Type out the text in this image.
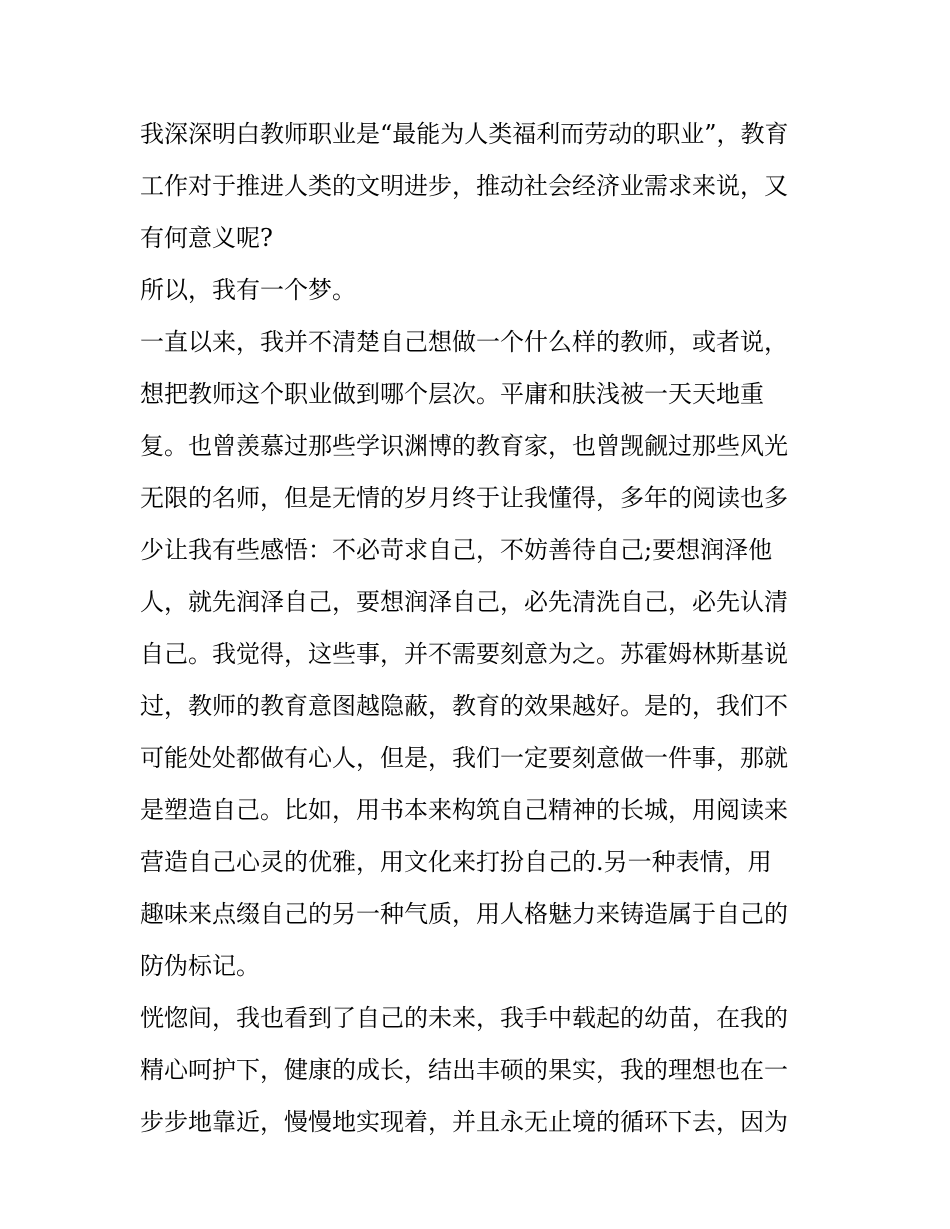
我深深明白教师职业是“最能为人类福利而劳动的职业”，教育
工作对于推进人类的文明进步，推动社会经济业需求来说，又
有何意义呢?
所以，我有一个梦。
一直以来，我并不清楚自己想做一个什么样的教师，或者说，
想把教师这个职业做到哪个层次。平庸和肤浅被一天天地重
复。也曾羡慕过那些学识渊博的教育家，也曾觊觎过那些风光
无限的名师，但是无情的岁月终于让我懂得，多年的阅读也多
少让我有些感悟：不必苛求自己，不妨善待自己;要想润泽他
人，就先润泽自己，要想润泽自己，必先清洗自己，必先认清
自己。我觉得，这些事，并不需要刻意为之。苏霍姆林斯基说
过，教师的教育意图越隐蔽，教育的效果越好。是的，我们不
可能处处都做有心人，但是，我们一定要刻意做一件事，那就
是塑造自己。比如，用书本来构筑自己精神的长城，用阅读来
营造自己心灵的优雅，用文化来打扮自己的.另一种表情，用
趣味来点缀自己的另一种气质，用人格魅力来铸造属于自己的
防伪标记。
恍惚间，我也看到了自己的未来，我手中载起的幼苗，在我的
精心呵护下，健康的成长，结出丰硕的果实，我的理想也在一
步步地靠近，慢慢地实现着，并且永无止境的循环下去，因为
